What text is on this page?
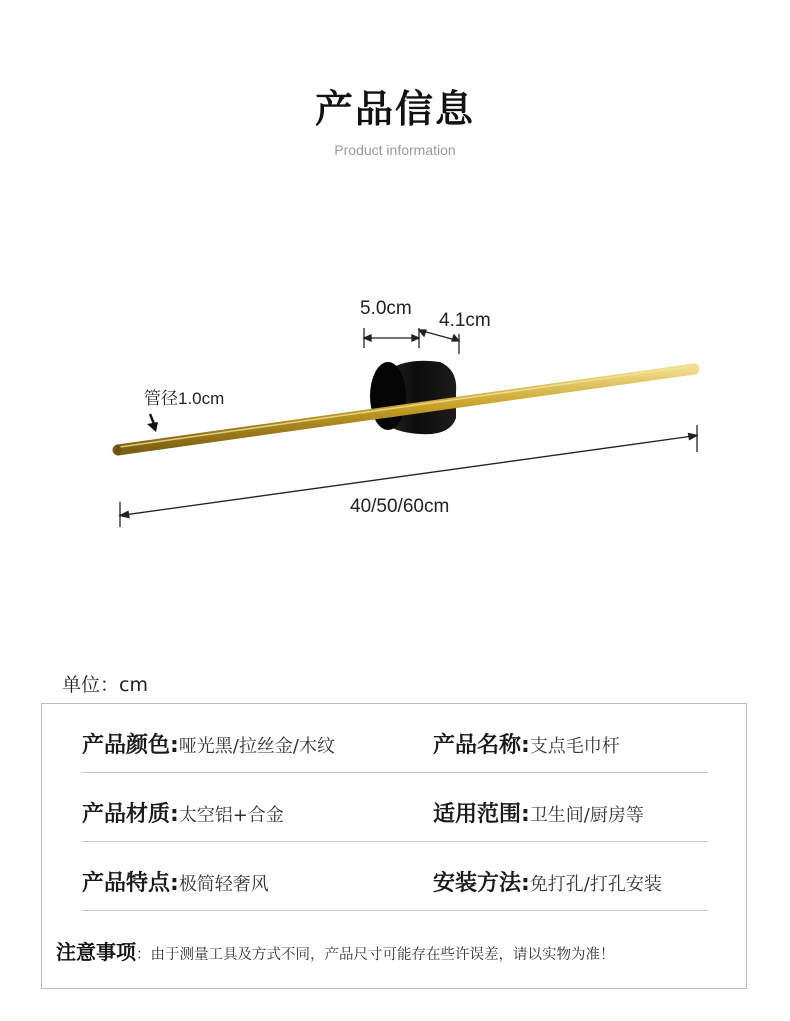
产品信息
Product information
5.0cm
4.1cm
管径1.0cm
40/50/60cm
单位：cm
产品颜色:哑光黑/拉丝金/木纹	产品名称:支点毛巾杆
产品材质:太空铝+合金	适用范围:卫生间/厨房等
产品特点:极简轻奢风	安装方法:免打孔/打孔安装
注意事项：由于测量工具及方式不同，产品尺寸可能存在些许误差，请以实物为准！
